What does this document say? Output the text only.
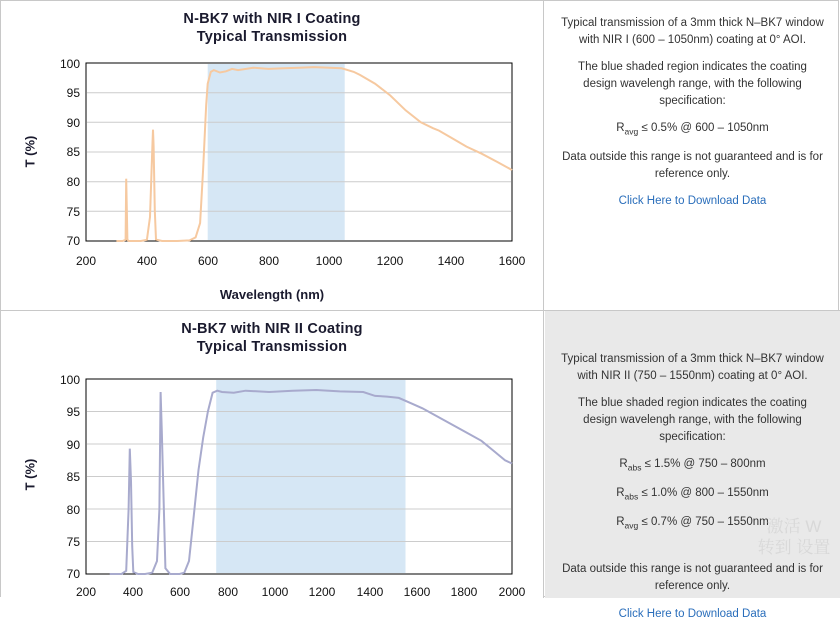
N-BK7 with NIR I Coating
Typical Transmission
100
95
90
85
80
75
70
200	400	600	800	1000	1200	1400	1600
T (%)
Wavelength (nm)

Typical transmission of a 3mm thick N–BK7 window with NIR I (600 – 1050nm) coating at 0° AOI.

The blue shaded region indicates the coating design wavelengh range, with the following specification:

$R_{avg} \le 0.5\%$ @ 600 – 1050nm

Data outside this range is not guaranteed and is for reference only.

Click Here to Download Data
N-BK7 with NIR II Coating
Typical Transmission
100
95
90
85
80
75
70
200	400	600	800	1000	1200	1400	1600	1800	2000
T (%)

Typical transmission of a 3mm thick N–BK7 window with NIR II (750 – 1550nm) coating at 0° AOI.

The blue shaded region indicates the coating design wavelengh range, with the following specification:

$R_{abs} \le 1.5\%$ @ 750 – 800nm

$R_{abs} \le 1.0\%$ @ 800 – 1550nm

$R_{avg} \le 0.7\%$ @ 750 – 1550nm

Data outside this range is not guaranteed and is for reference only.

Click Here to Download Data
激活 W
转到 设置
